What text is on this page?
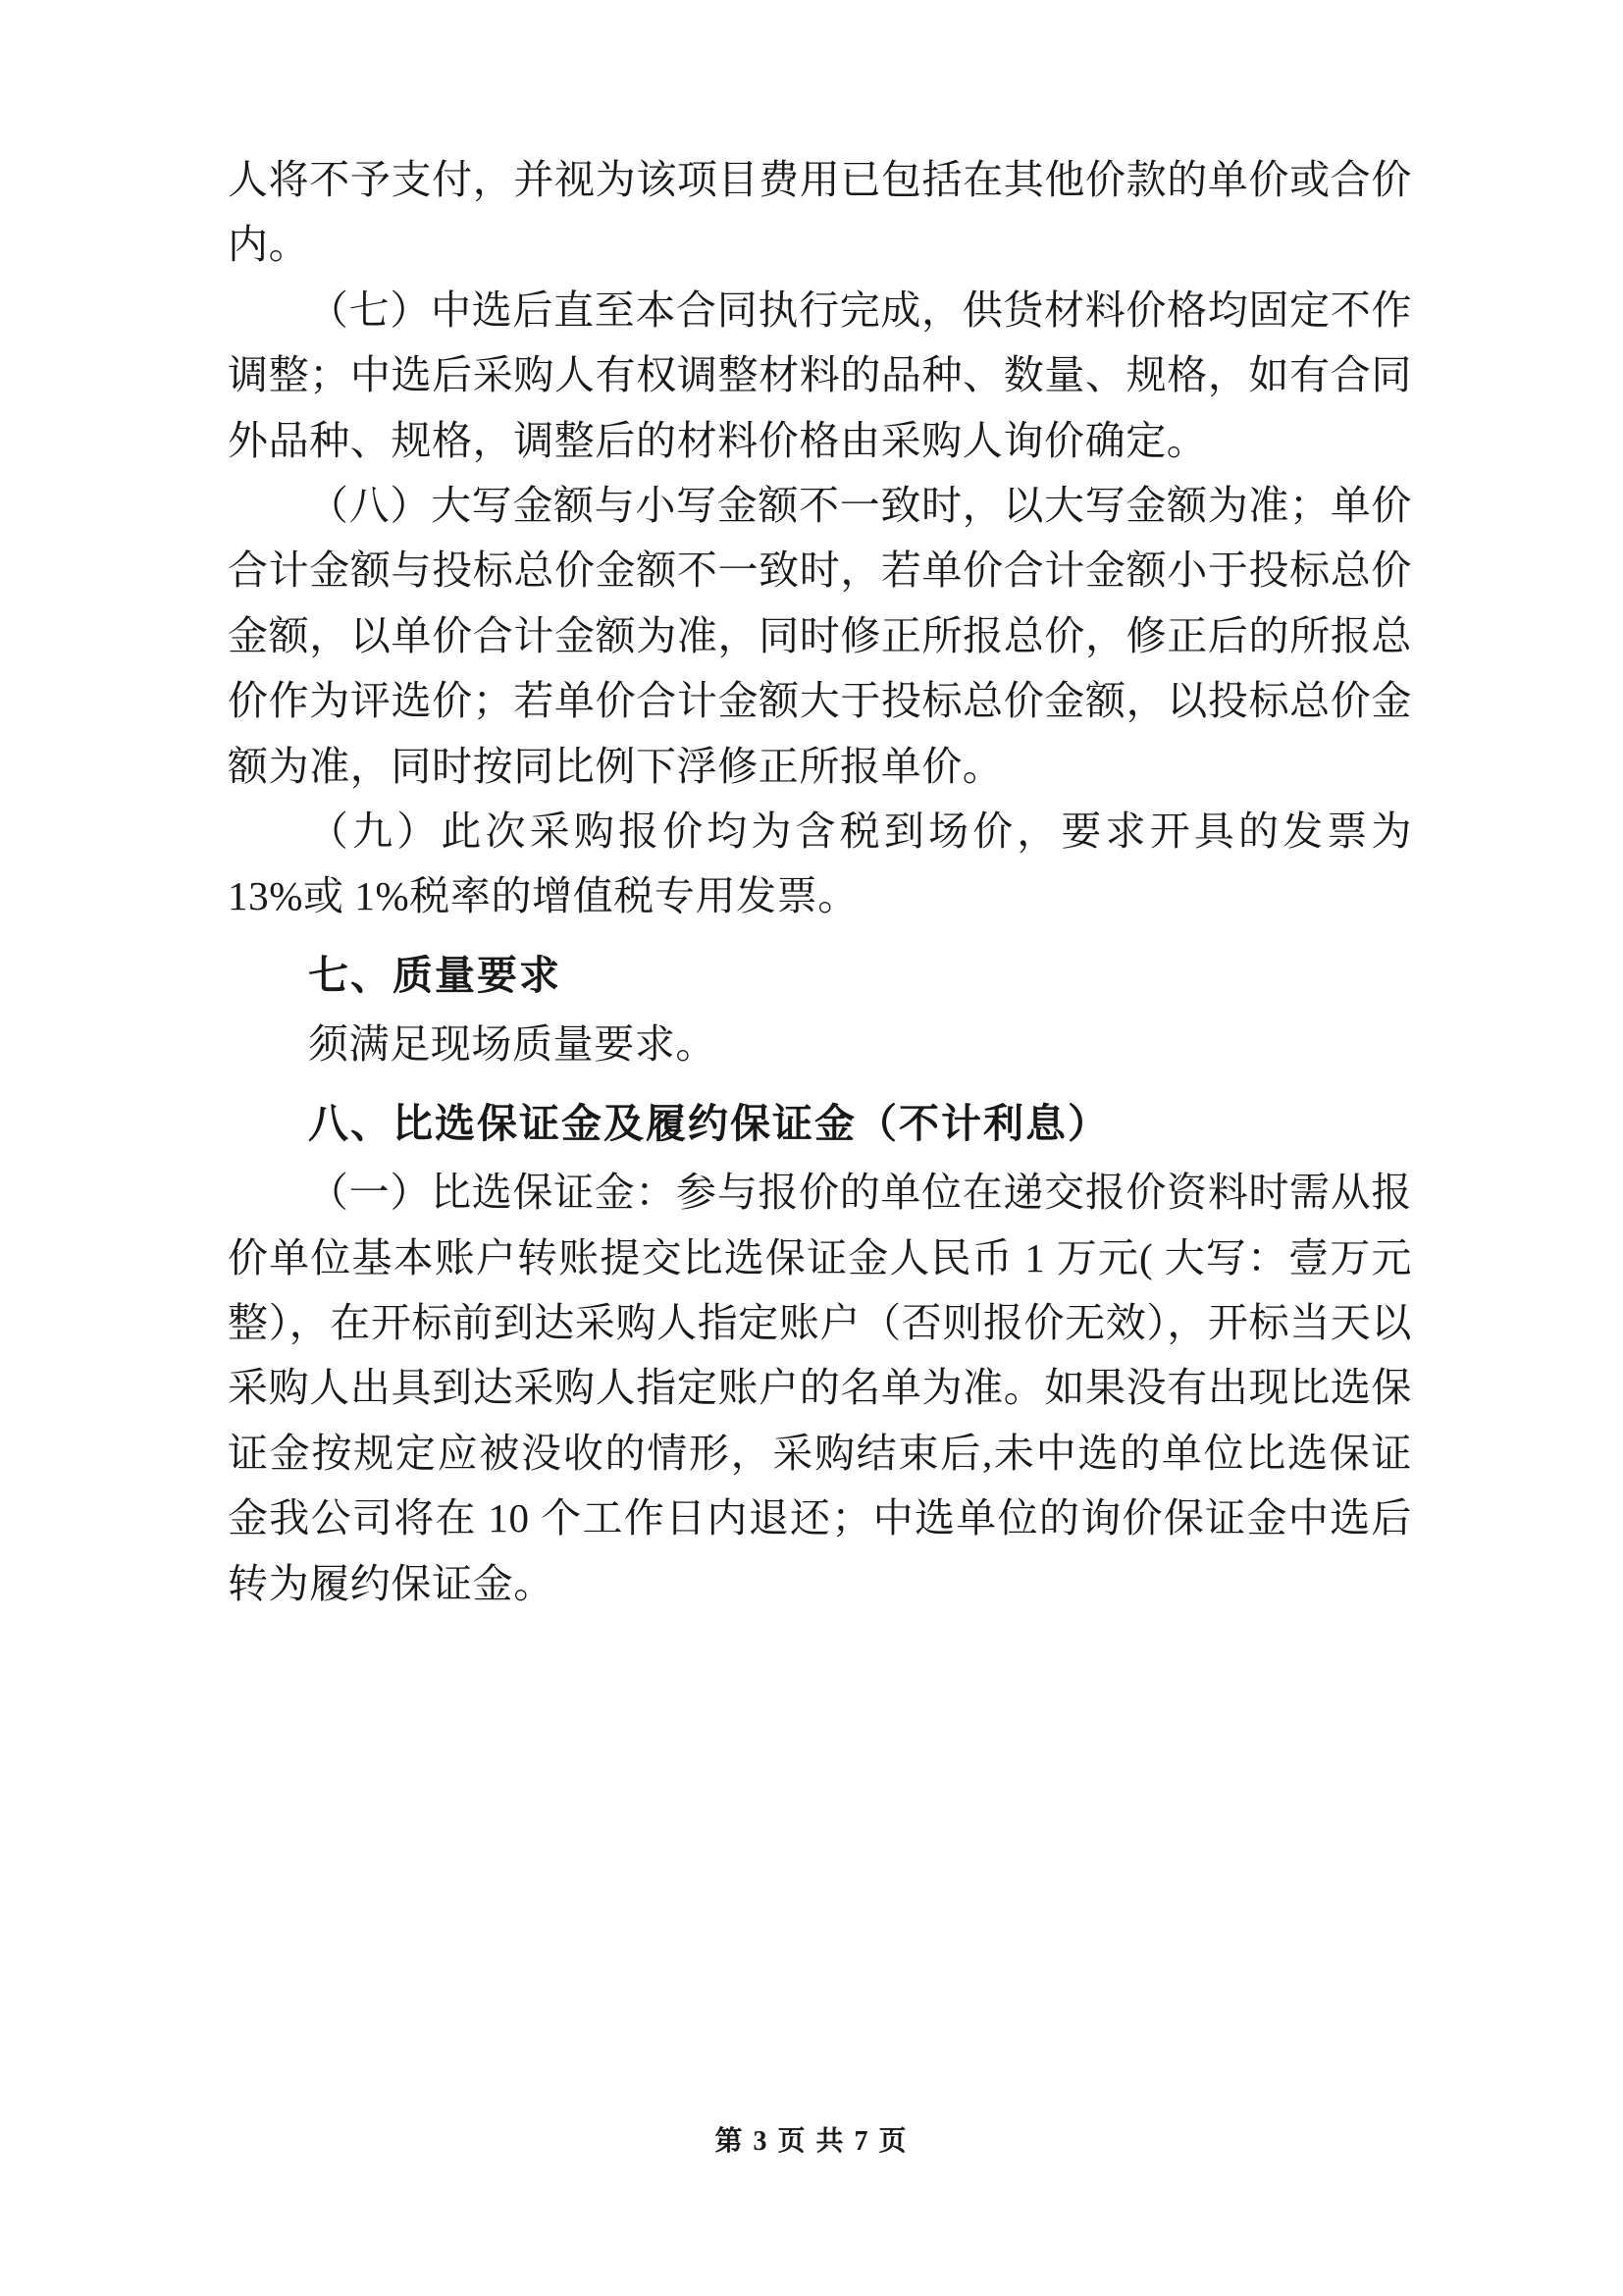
人将不予支付，并视为该项目费用已包括在其他价款的单价或合价内。

（七）中选后直至本合同执行完成，供货材料价格均固定不作调整；中选后采购人有权调整材料的品种、数量、规格，如有合同外品种、规格，调整后的材料价格由采购人询价确定。

（八）大写金额与小写金额不一致时，以大写金额为准；单价合计金额与投标总价金额不一致时，若单价合计金额小于投标总价金额，以单价合计金额为准，同时修正所报总价，修正后的所报总价作为评选价；若单价合计金额大于投标总价金额，以投标总价金额为准，同时按同比例下浮修正所报单价。

（九）此次采购报价均为含税到场价，要求开具的发票为 13%或 1%税率的增值税专用发票。

七、质量要求

须满足现场质量要求。

八、比选保证金及履约保证金（不计利息）

（一）比选保证金：参与报价的单位在递交报价资料时需从报价单位基本账户转账提交比选保证金人民币 1 万元( 大写：壹万元整），在开标前到达采购人指定账户（否则报价无效），开标当天以采购人出具到达采购人指定账户的名单为准。如果没有出现比选保证金按规定应被没收的情形，采购结束后,未中选的单位比选保证金我公司将在 10 个工作日内退还；中选单位的询价保证金中选后转为履约保证金。

第 3 页 共 7 页
